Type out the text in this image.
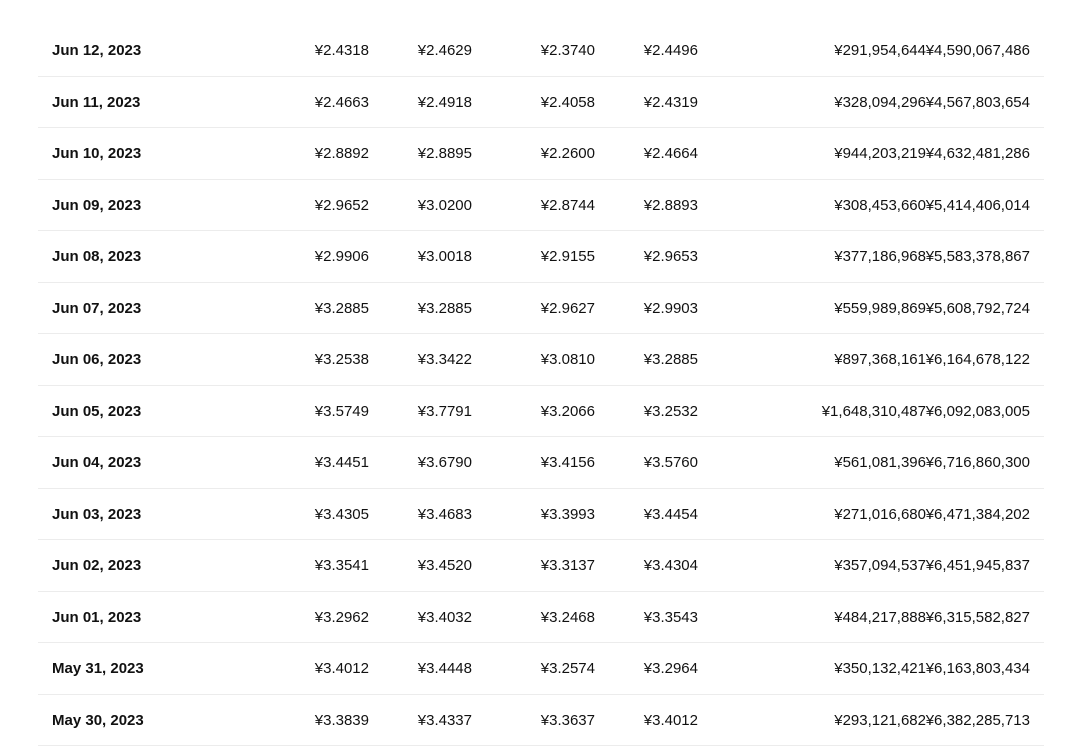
Jun 12, 2023	¥2.4318	¥2.4629	¥2.3740	¥2.4496	¥291,954,644 ¥4,590,067,486
Jun 11, 2023	¥2.4663	¥2.4918	¥2.4058	¥2.4319	¥328,094,296 ¥4,567,803,654
Jun 10, 2023	¥2.8892	¥2.8895	¥2.2600	¥2.4664	¥944,203,219 ¥4,632,481,286
Jun 09, 2023	¥2.9652	¥3.0200	¥2.8744	¥2.8893	¥308,453,660 ¥5,414,406,014
Jun 08, 2023	¥2.9906	¥3.0018	¥2.9155	¥2.9653	¥377,186,968 ¥5,583,378,867
Jun 07, 2023	¥3.2885	¥3.2885	¥2.9627	¥2.9903	¥559,989,869 ¥5,608,792,724
Jun 06, 2023	¥3.2538	¥3.3422	¥3.0810	¥3.2885	¥897,368,161 ¥6,164,678,122
Jun 05, 2023	¥3.5749	¥3.7791	¥3.2066	¥3.2532	¥1,648,310,487 ¥6,092,083,005
Jun 04, 2023	¥3.4451	¥3.6790	¥3.4156	¥3.5760	¥561,081,396 ¥6,716,860,300
Jun 03, 2023	¥3.4305	¥3.4683	¥3.3993	¥3.4454	¥271,016,680 ¥6,471,384,202
Jun 02, 2023	¥3.3541	¥3.4520	¥3.3137	¥3.4304	¥357,094,537 ¥6,451,945,837
Jun 01, 2023	¥3.2962	¥3.4032	¥3.2468	¥3.3543	¥484,217,888 ¥6,315,582,827
May 31, 2023	¥3.4012	¥3.4448	¥3.2574	¥3.2964	¥350,132,421 ¥6,163,803,434
May 30, 2023	¥3.3839	¥3.4337	¥3.3637	¥3.4012	¥293,121,682 ¥6,382,285,713
